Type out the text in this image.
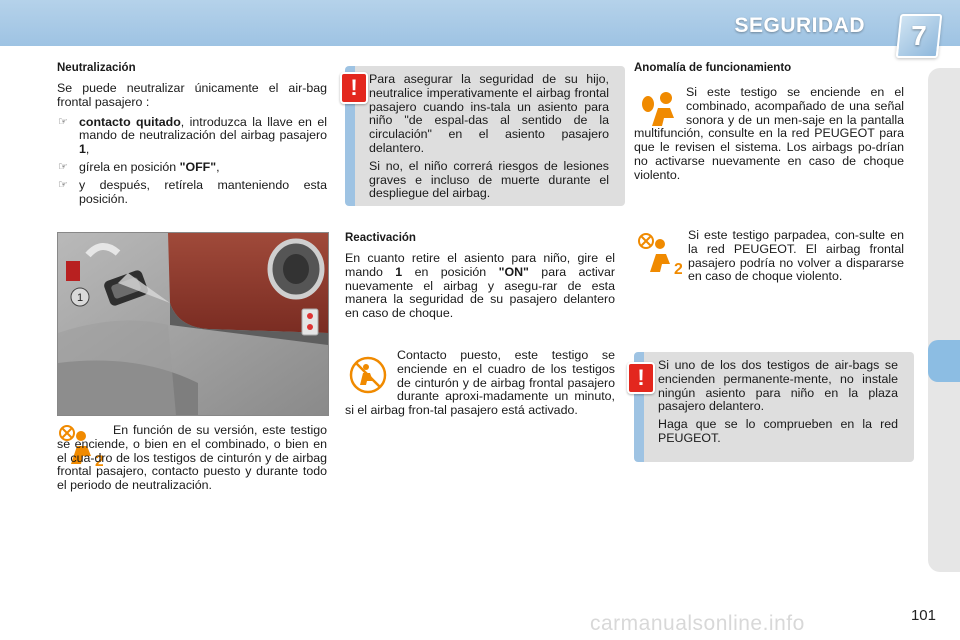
SEGURIDAD	7
Neutralización

Se puede neutralizar únicamente el air-bag frontal pasajero :

☞ contacto quitado, introduzca la llave en el mando de neutralización del airbag pasajero 1,
☞ gírela en posición "OFF",
☞ y después, retírela manteniendo esta posición.

Para asegurar la seguridad de su hijo, neutralice imperativamente el airbag frontal pasajero cuando ins-tala un asiento para niño "de espal-das al sentido de la circulación" en el asiento pasajero delantero.

Si no, el niño correrá riesgos de lesiones graves e incluso de muerte durante el despliegue del airbag.

!
1
2

En función de su versión, este testigo se enciende, o bien en el combinado, o bien en el cua-dro de los testigos de cinturón y de airbag frontal pasajero, contacto puesto y durante todo el periodo de neutralización.

Reactivación

En cuanto retire el asiento para niño, gire el mando 1 en posición "ON" para activar nuevamente el airbag y asegu-rar de esta manera la seguridad de su pasajero delantero en caso de choque.

Contacto puesto, este testigo se enciende en el cuadro de los testigos de cinturón y de airbag frontal pasajero durante aproxi-madamente un minuto, si el airbag fron-tal pasajero está activado.

Anomalía de funcionamiento

Si este testigo se enciende en el combinado, acompañado de una señal sonora y de un men-saje en la pantalla multifunción, consulte en la red PEUGEOT para que le revisen el sistema. Los airbags po-drían no activarse nuevamente en caso de choque violento.

2

Si este testigo parpadea, con-sulte en la red PEUGEOT. El airbag frontal pasajero podría no volver a dispararse en caso de choque violento.

Si uno de los dos testigos de air-bags se encienden permanente-mente, no instale ningún asiento para niño en la plaza pasajero delantero.

Haga que se lo comprueben en la red PEUGEOT.

!
carmanualsonline.info	101
